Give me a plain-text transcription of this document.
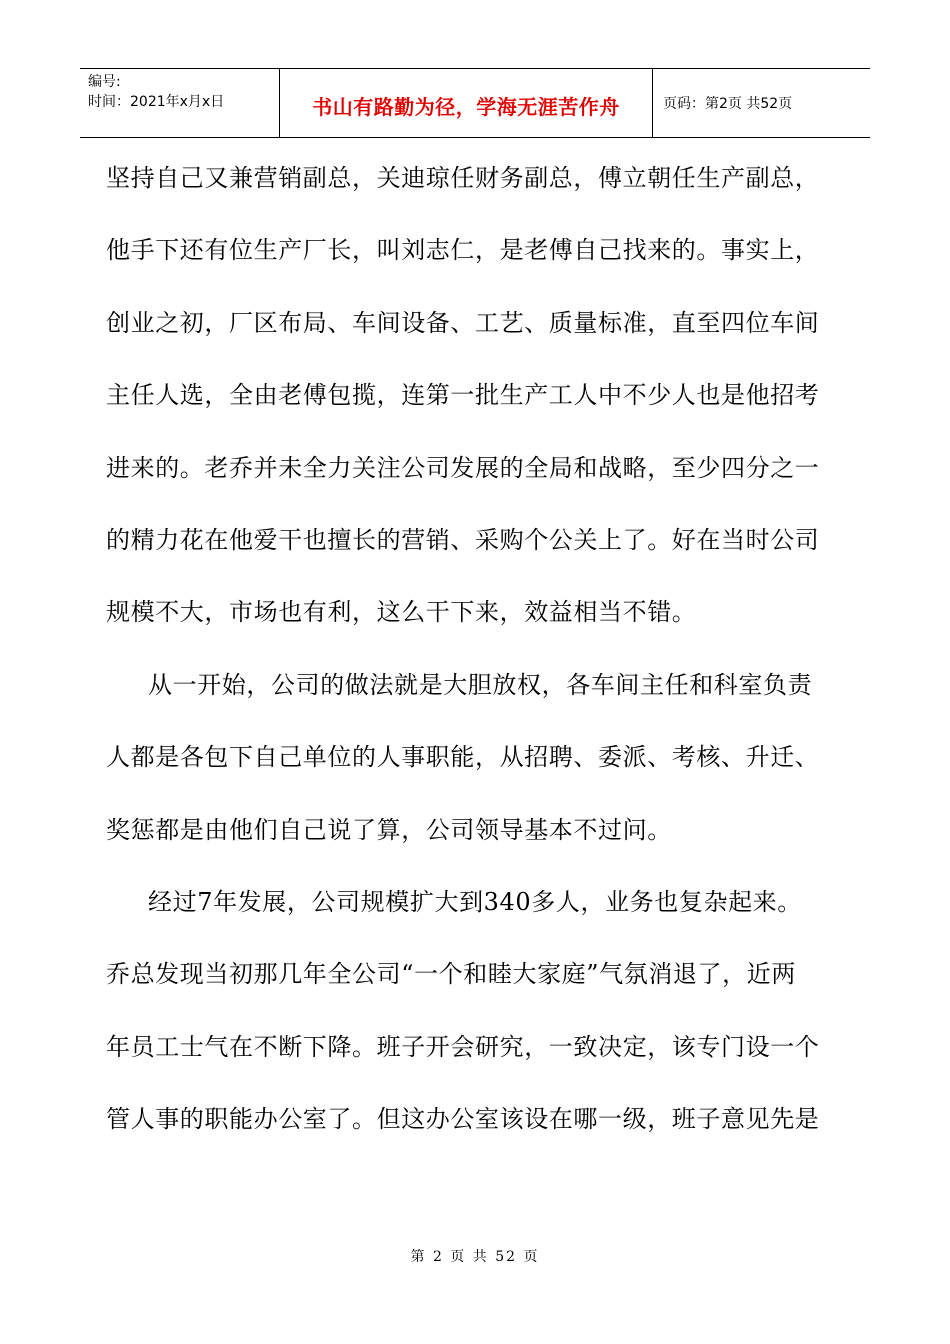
编号:
时间：2021年x月x日	书山有路勤为径，学海无涯苦作舟	页码：第2页 共52页

坚持自己又兼营销副总，关迪琼任财务副总，傅立朝任生产副总，

他手下还有位生产厂长，叫刘志仁，是老傅自己找来的。事实上，

创业之初，厂区布局、车间设备、工艺、质量标准，直至四位车间

主任人选，全由老傅包揽，连第一批生产工人中不少人也是他招考

进来的。老乔并未全力关注公司发展的全局和战略，至少四分之一

的精力花在他爱干也擅长的营销、采购个公关上了。好在当时公司

规模不大，市场也有利，这么干下来，效益相当不错。

从一开始，公司的做法就是大胆放权，各车间主任和科室负责

人都是各包下自己单位的人事职能，从招聘、委派、考核、升迁、

奖惩都是由他们自己说了算，公司领导基本不过问。

经过7年发展，公司规模扩大到340多人，业务也复杂起来。

乔总发现当初那几年全公司“一个和睦大家庭”气氛消退了，近两

年员工士气在不断下降。班子开会研究，一致决定，该专门设一个

管人事的职能办公室了。但这办公室该设在哪一级，班子意见先是

第 2 页 共 52 页
